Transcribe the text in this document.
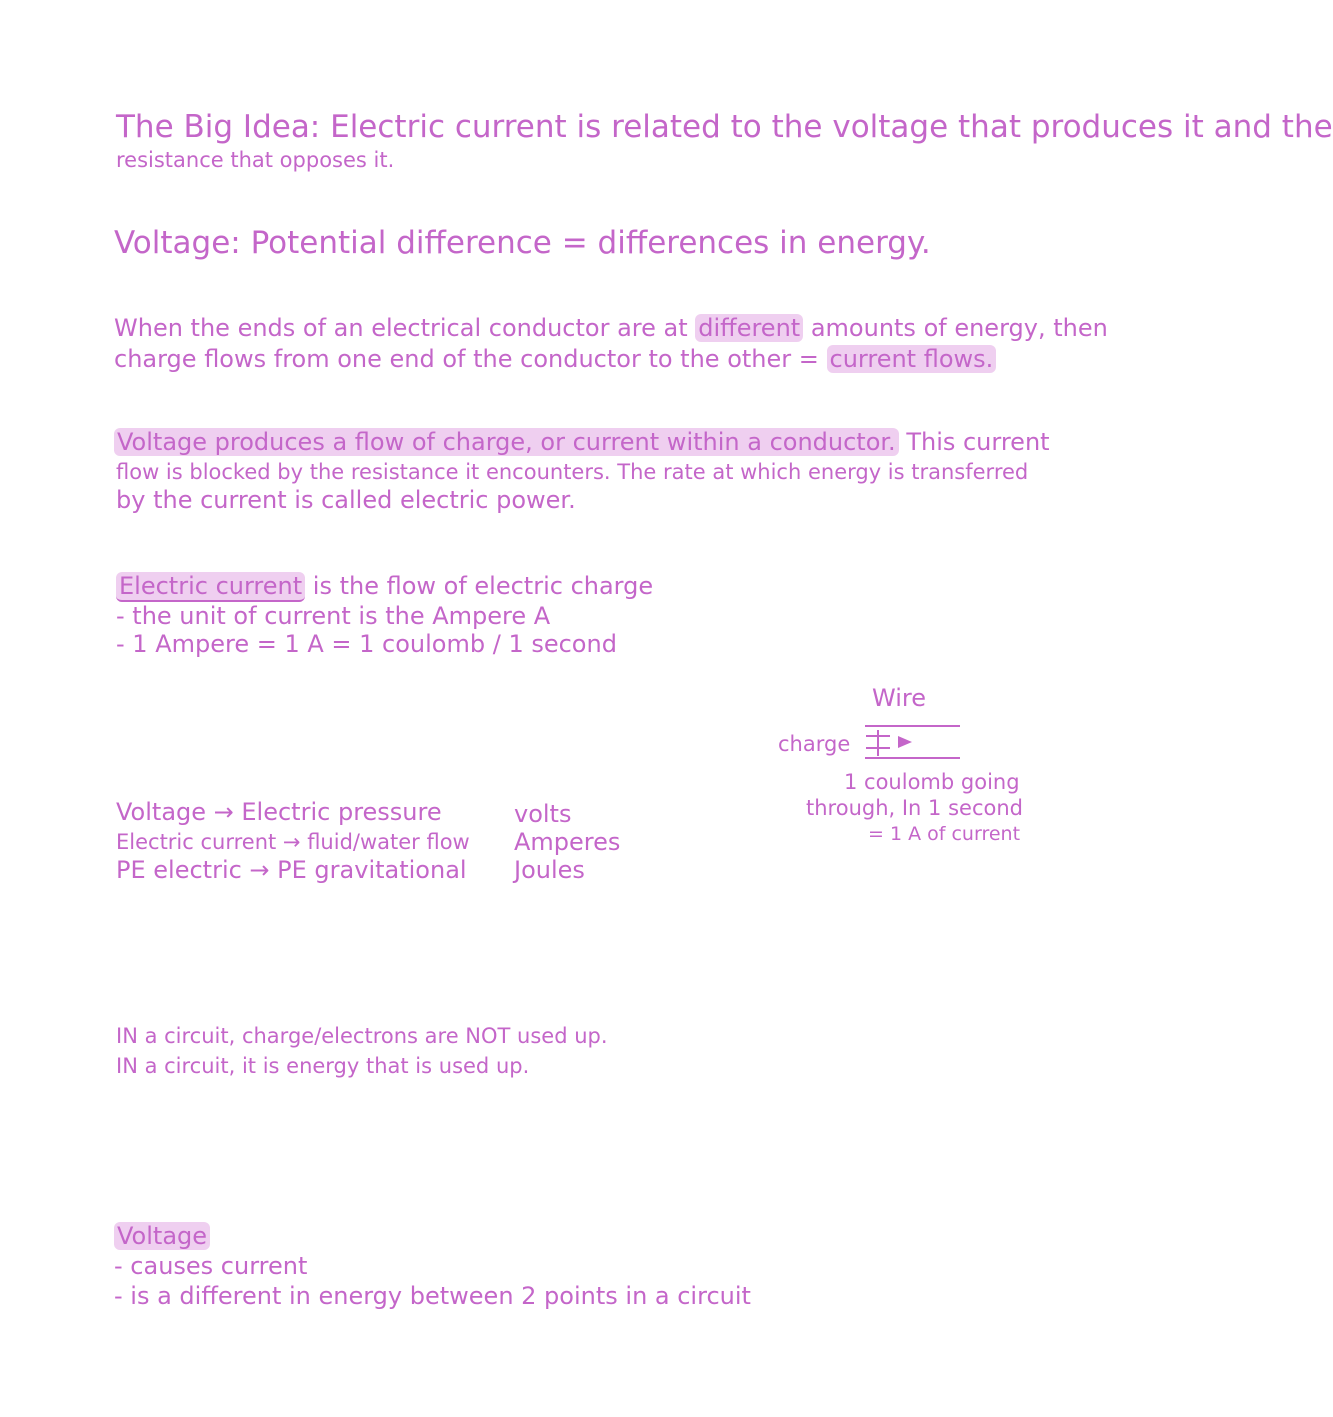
The Big Idea: Electric current is related to the voltage that produces it and the
resistance that opposes it.
Voltage: Potential difference = differences in energy.
When the ends of an electrical conductor are at different amounts of energy, then
charge flows from one end of the conductor to the other = current flows.
Voltage produces a flow of charge, or current within a conductor. This current
flow is blocked by the resistance it encounters. The rate at which energy is transferred
by the current is called electric power.
Electric current is the flow of electric charge
- the unit of current is the Ampere A
- 1 Ampere = 1 A = 1 coulomb / 1 second
Wire
charge
1 coulomb going
through, In 1 second
= 1 A of current
Voltage → Electric pressure	volts
Electric current → fluid/water flow Amperes
PE electric → PE gravitational Joules
IN a circuit, charge/electrons are NOT used up.
IN a circuit, it is energy that is used up.
Voltage
- causes current
- is a different in energy between 2 points in a circuit
